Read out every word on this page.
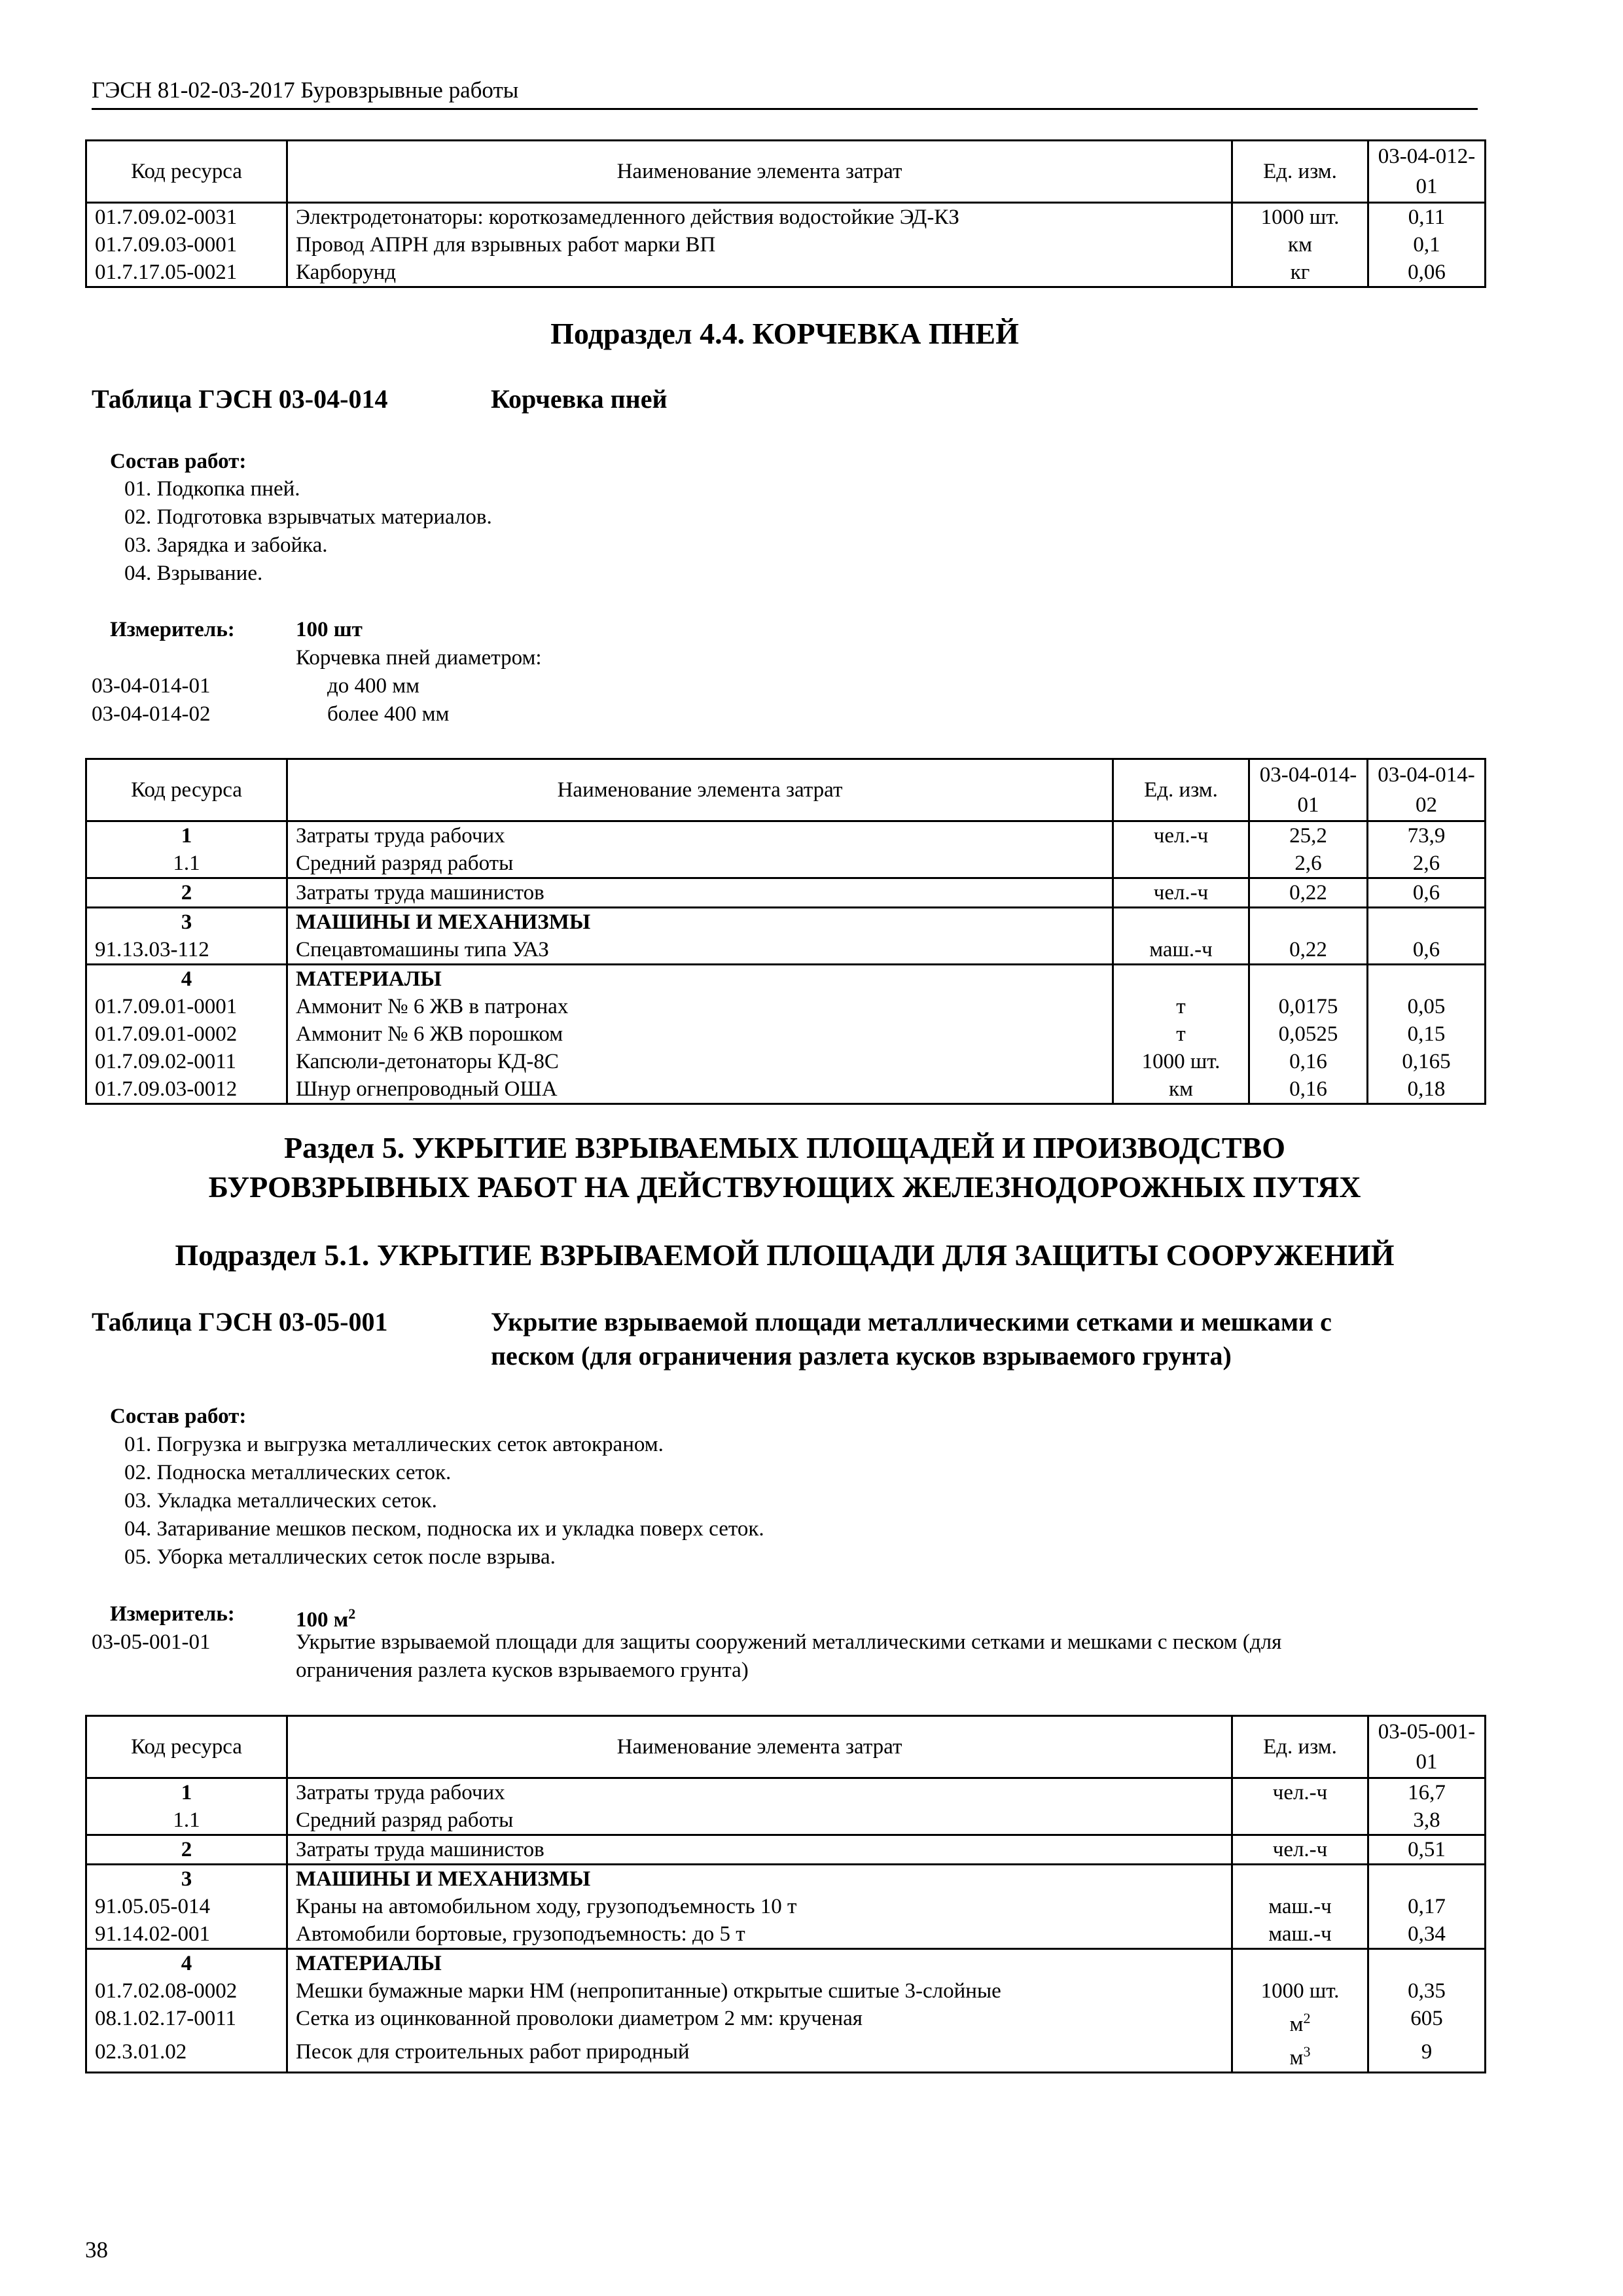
ГЭСН 81-02-03-2017 Буровзрывные работы
Код ресурса	Наименование элемента затрат	Ед. изм.	03-04-012-01
01.7.09.02-0031	Электродетонаторы: короткозамедленного действия водостойкие ЭД-КЗ	1000 шт.	0,11
01.7.09.03-0001	Провод АПРН для взрывных работ марки ВП	км	0,1
01.7.17.05-0021	Карборунд	кг	0,06
Подраздел 4.4. КОРЧЕВКА ПНЕЙ
Таблица ГЭСН 03-04-014	Корчевка пней
Состав работ:
01. Подкопка пней.
02. Подготовка взрывчатых материалов.
03. Зарядка и забойка.
04. Взрывание.
Измеритель:	100 шт
Корчевка пней диаметром:
03-04-014-01	до 400 мм
03-04-014-02	более 400 мм
Код ресурса	Наименование элемента затрат	Ед. изм.	03-04-014-01	03-04-014-02
1	Затраты труда рабочих	чел.-ч	25,2	73,9
1.1	Средний разряд работы		2,6	2,6
2	Затраты труда машинистов	чел.-ч	0,22	0,6
3	МАШИНЫ И МЕХАНИЗМЫ			
91.13.03-112	Спецавтомашины типа УАЗ	маш.-ч	0,22	0,6
4	МАТЕРИАЛЫ			
01.7.09.01-0001	Аммонит № 6 ЖВ в патронах	т	0,0175	0,05
01.7.09.01-0002	Аммонит № 6 ЖВ порошком	т	0,0525	0,15
01.7.09.02-0011	Капсюли-детонаторы КД-8С	1000 шт.	0,16	0,165
01.7.09.03-0012	Шнур огнепроводный ОША	км	0,16	0,18
Раздел 5. УКРЫТИЕ ВЗРЫВАЕМЫХ ПЛОЩАДЕЙ И ПРОИЗВОДСТВО
БУРОВЗРЫВНЫХ РАБОТ НА ДЕЙСТВУЮЩИХ ЖЕЛЕЗНОДОРОЖНЫХ ПУТЯХ
Подраздел 5.1. УКРЫТИЕ ВЗРЫВАЕМОЙ ПЛОЩАДИ ДЛЯ ЗАЩИТЫ СООРУЖЕНИЙ
Таблица ГЭСН 03-05-001	Укрытие взрываемой площади металлическими сетками и мешками с
песком (для ограничения разлета кусков взрываемого грунта)
Состав работ:
01. Погрузка и выгрузка металлических сеток автокраном.
02. Подноска металлических сеток.
03. Укладка металлических сеток.
04. Затаривание мешков песком, подноска их и укладка поверх сеток.
05. Уборка металлических сеток после взрыва.
Измеритель:	100 $м^2$
03-05-001-01	Укрытие взрываемой площади для защиты сооружений металлическими сетками и мешками с песком (для
ограничения разлета кусков взрываемого грунта)
Код ресурса	Наименование элемента затрат	Ед. изм.	03-05-001-01
1	Затраты труда рабочих	чел.-ч	16,7
1.1	Средний разряд работы		3,8
2	Затраты труда машинистов	чел.-ч	0,51
3	МАШИНЫ И МЕХАНИЗМЫ		
91.05.05-014	Краны на автомобильном ходу, грузоподъемность 10 т	маш.-ч	0,17
91.14.02-001	Автомобили бортовые, грузоподъемность: до 5 т	маш.-ч	0,34
4	МАТЕРИАЛЫ		
01.7.02.08-0002	Мешки бумажные марки НМ (непропитанные) открытые сшитые 3-слойные	1000 шт.	0,35
08.1.02.17-0011	Сетка из оцинкованной проволоки диаметром 2 мм: крученая	$м^2$	605
02.3.01.02	Песок для строительных работ природный	$м^3$	9
38
